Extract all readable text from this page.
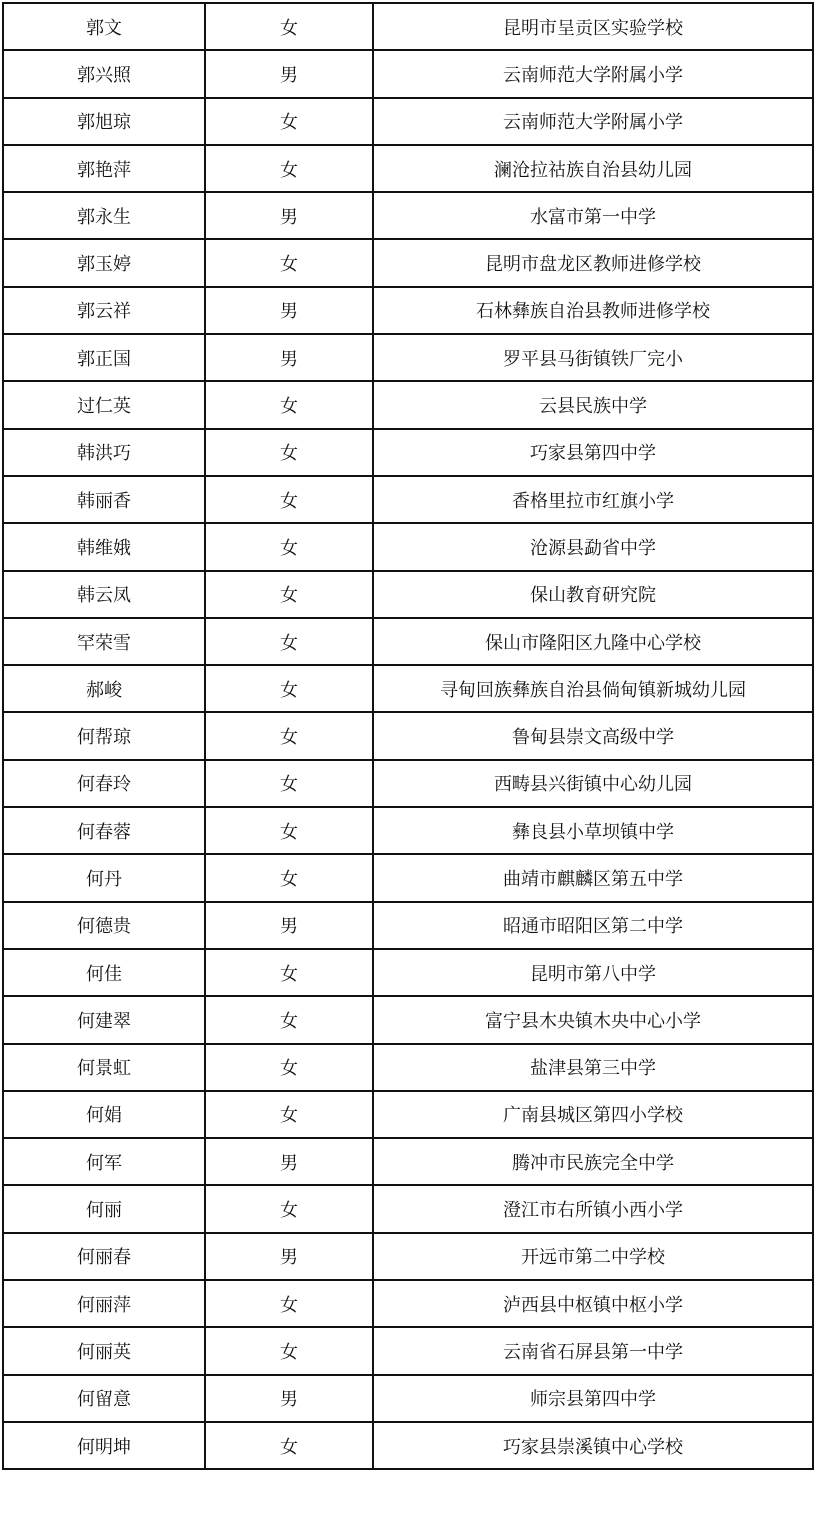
郭文	女	昆明市呈贡区实验学校
郭兴照	男	云南师范大学附属小学
郭旭琼	女	云南师范大学附属小学
郭艳萍	女	澜沧拉祜族自治县幼儿园
郭永生	男	水富市第一中学
郭玉婷	女	昆明市盘龙区教师进修学校
郭云祥	男	石林彝族自治县教师进修学校
郭正国	男	罗平县马街镇铁厂完小
过仁英	女	云县民族中学
韩洪巧	女	巧家县第四中学
韩丽香	女	香格里拉市红旗小学
韩维娥	女	沧源县勐省中学
韩云凤	女	保山教育研究院
罕荣雪	女	保山市隆阳区九隆中心学校
郝峻	女	寻甸回族彝族自治县倘甸镇新城幼儿园
何帮琼	女	鲁甸县崇文高级中学
何春玲	女	西畴县兴街镇中心幼儿园
何春蓉	女	彝良县小草坝镇中学
何丹	女	曲靖市麒麟区第五中学
何德贵	男	昭通市昭阳区第二中学
何佳	女	昆明市第八中学
何建翠	女	富宁县木央镇木央中心小学
何景虹	女	盐津县第三中学
何娟	女	广南县城区第四小学校
何军	男	腾冲市民族完全中学
何丽	女	澄江市右所镇小西小学
何丽春	男	开远市第二中学校
何丽萍	女	泸西县中枢镇中枢小学
何丽英	女	云南省石屏县第一中学
何留意	男	师宗县第四中学
何明坤	女	巧家县崇溪镇中心学校
